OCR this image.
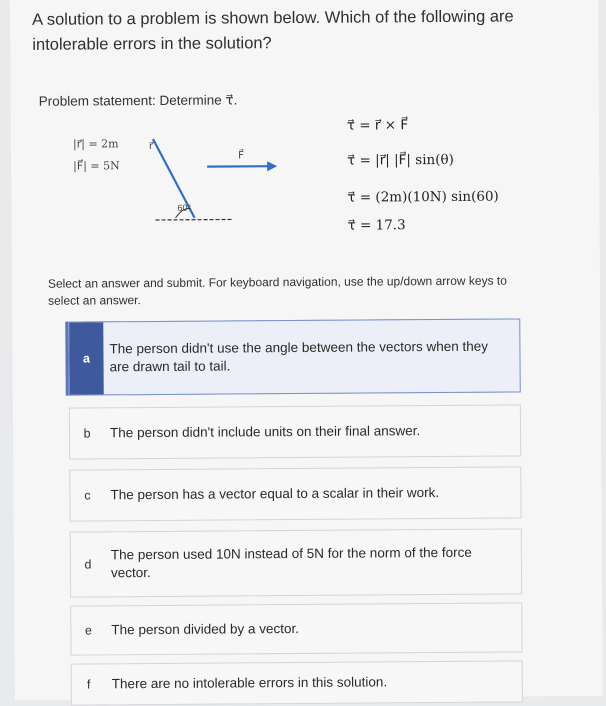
A solution to a problem is shown below. Which of the following are intolerable errors in the solution?
Problem statement: Determine τ⃗.
|r⃗| = 2m
|F⃗| = 5N
r⃗
F⃗
60°
τ⃗ = r⃗ × F⃗
τ⃗ = |r⃗| |F⃗| sin(θ)
τ⃗ = (2m)(10N) sin(60)
τ⃗ = 17.3
Select an answer and submit. For keyboard navigation, use the up/down arrow keys to select an answer.
a
The person didn't use the angle between the vectors when they are drawn tail to tail.
b	The person didn't include units on their final answer.
c	The person has a vector equal to a scalar in their work.
d
The person used 10N instead of 5N for the norm of the force vector.
e	The person divided by a vector.
f	There are no intolerable errors in this solution.
